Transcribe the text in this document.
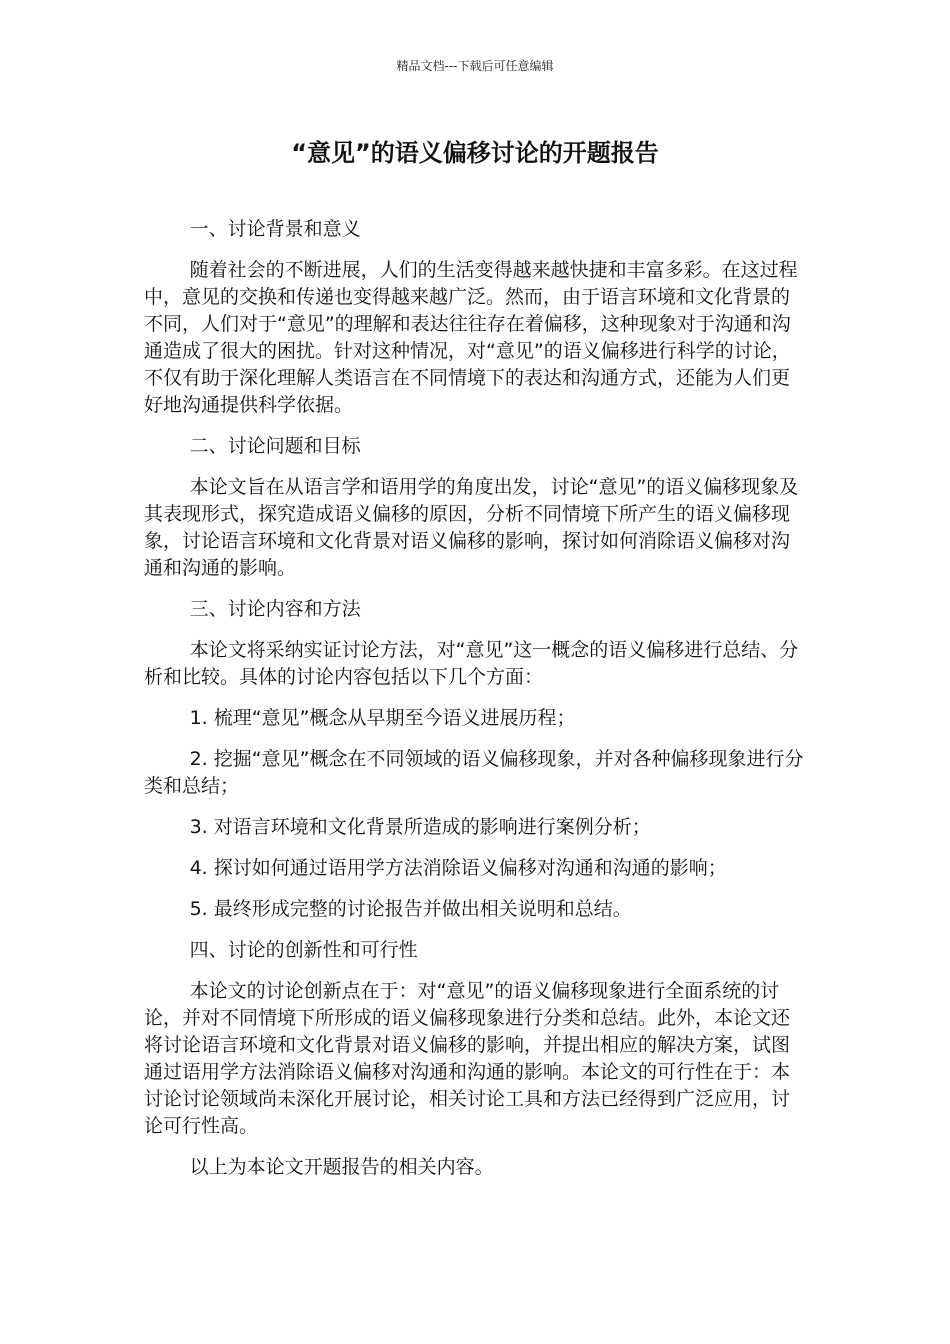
精品文档---下载后可任意编辑
“意见”的语义偏移讨论的开题报告

一、讨论背景和意义

随着社会的不断进展，人们的生活变得越来越快捷和丰富多彩。在这过程中，意见的交换和传递也变得越来越广泛。然而，由于语言环境和文化背景的不同，人们对于“意见”的理解和表达往往存在着偏移，这种现象对于沟通和沟通造成了很大的困扰。针对这种情况，对“意见”的语义偏移进行科学的讨论，不仅有助于深化理解人类语言在不同情境下的表达和沟通方式，还能为人们更好地沟通提供科学依据。

二、讨论问题和目标

本论文旨在从语言学和语用学的角度出发，讨论“意见”的语义偏移现象及其表现形式，探究造成语义偏移的原因，分析不同情境下所产生的语义偏移现象，讨论语言环境和文化背景对语义偏移的影响，探讨如何消除语义偏移对沟通和沟通的影响。

三、讨论内容和方法

本论文将采纳实证讨论方法，对“意见”这一概念的语义偏移进行总结、分析和比较。具体的讨论内容包括以下几个方面：

1. 梳理“意见”概念从早期至今语义进展历程；

2. 挖掘“意见”概念在不同领域的语义偏移现象，并对各种偏移现象进行分类和总结；

3. 对语言环境和文化背景所造成的影响进行案例分析；

4. 探讨如何通过语用学方法消除语义偏移对沟通和沟通的影响；

5. 最终形成完整的讨论报告并做出相关说明和总结。

四、讨论的创新性和可行性

本论文的讨论创新点在于：对“意见”的语义偏移现象进行全面系统的讨论，并对不同情境下所形成的语义偏移现象进行分类和总结。此外，本论文还将讨论语言环境和文化背景对语义偏移的影响，并提出相应的解决方案，试图通过语用学方法消除语义偏移对沟通和沟通的影响。本论文的可行性在于：本讨论讨论领域尚未深化开展讨论，相关讨论工具和方法已经得到广泛应用，讨论可行性高。

以上为本论文开题报告的相关内容。
